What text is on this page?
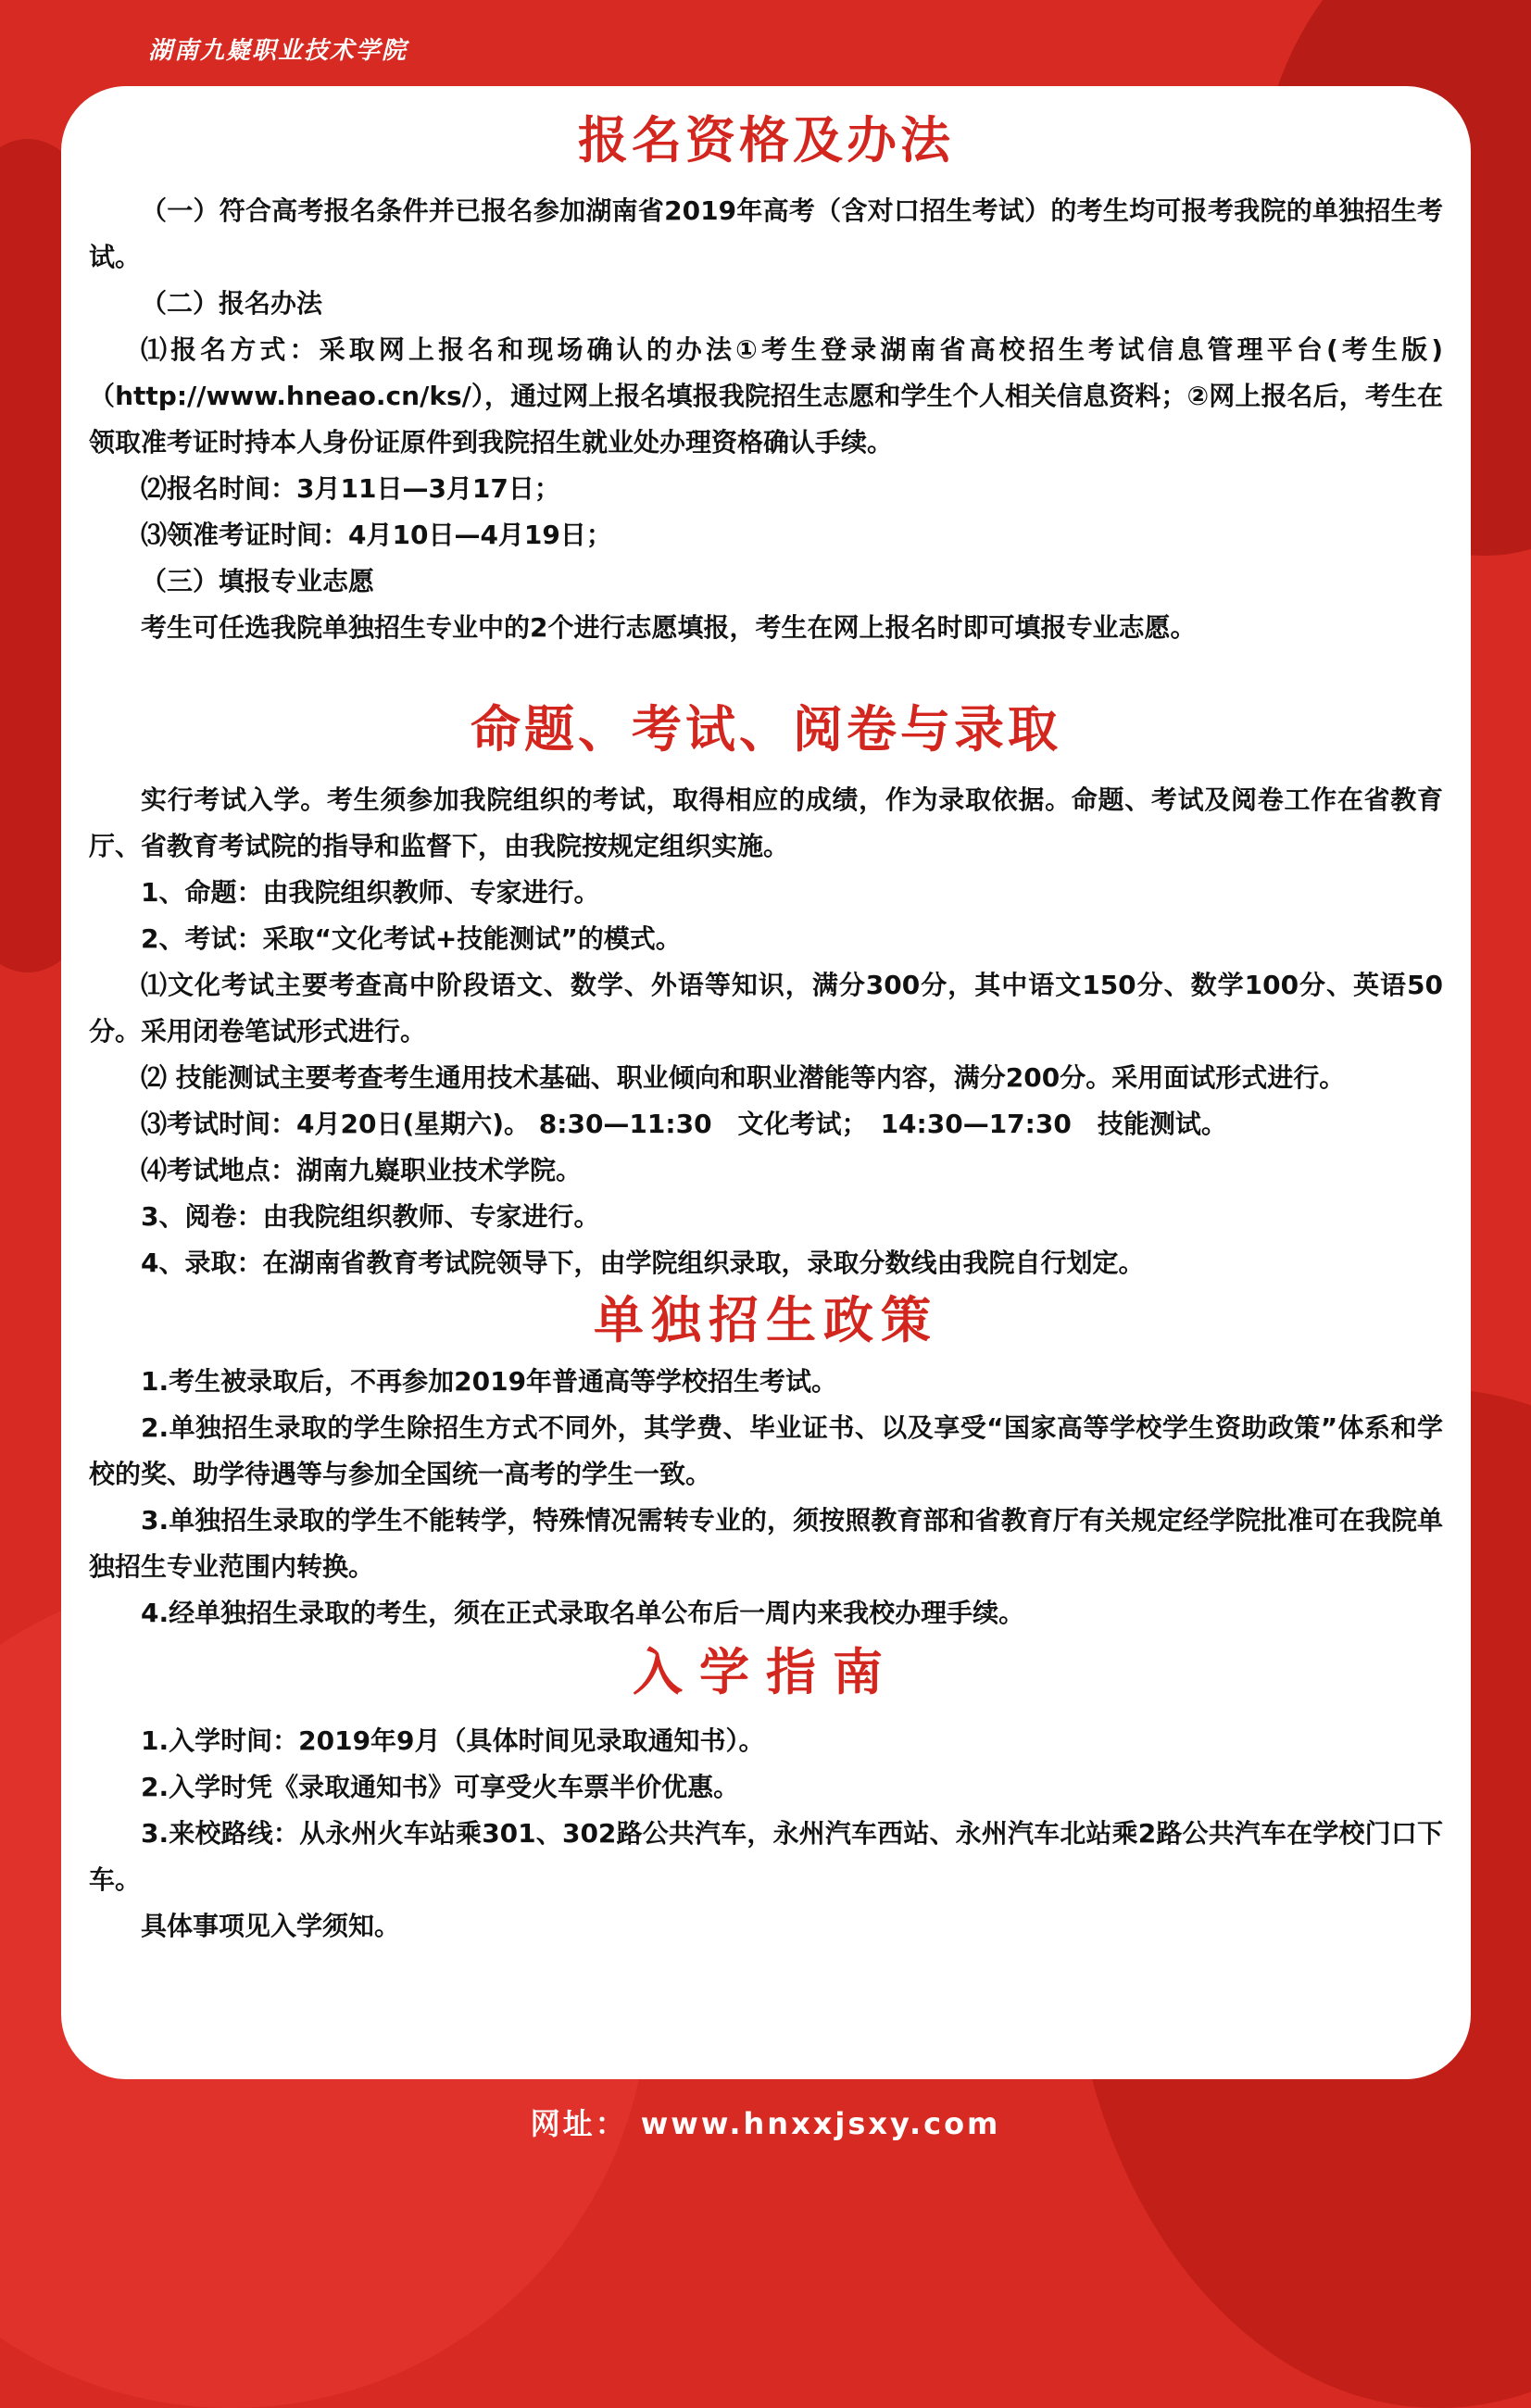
湖南九嶷职业技术学院
报名资格及办法

（一）符合高考报名条件并已报名参加湖南省2019年高考（含对口招生考试）的考生均可报考我院的单独招生考试。

（二）报名办法

⑴报名方式：采取网上报名和现场确认的办法①考生登录湖南省高校招生考试信息管理平台(考生版)（http://www.hneao.cn/ks/），通过网上报名填报我院招生志愿和学生个人相关信息资料；②网上报名后，考生在领取准考证时持本人身份证原件到我院招生就业处办理资格确认手续。

⑵报名时间：3月11日—3月17日；

⑶领准考证时间：4月10日—4月19日；

（三）填报专业志愿

考生可任选我院单独招生专业中的2个进行志愿填报，考生在网上报名时即可填报专业志愿。

命题、考试、阅卷与录取

实行考试入学。考生须参加我院组织的考试，取得相应的成绩，作为录取依据。命题、考试及阅卷工作在省教育厅、省教育考试院的指导和监督下，由我院按规定组织实施。

1、命题：由我院组织教师、专家进行。

2、考试：采取“文化考试+技能测试”的模式。

⑴文化考试主要考查高中阶段语文、数学、外语等知识，满分300分，其中语文150分、数学100分、英语50分。采用闭卷笔试形式进行。

⑵ 技能测试主要考查考生通用技术基础、职业倾向和职业潜能等内容，满分200分。采用面试形式进行。

⑶考试时间：4月20日(星期六)。 8:30—11:30　文化考试；　14:30—17:30　技能测试。

⑷考试地点：湖南九嶷职业技术学院。

3、阅卷：由我院组织教师、专家进行。

4、录取：在湖南省教育考试院领导下，由学院组织录取，录取分数线由我院自行划定。

单独招生政策

1.考生被录取后，不再参加2019年普通高等学校招生考试。

2.单独招生录取的学生除招生方式不同外，其学费、毕业证书、以及享受“国家高等学校学生资助政策”体系和学校的奖、助学待遇等与参加全国统一高考的学生一致。

3.单独招生录取的学生不能转学，特殊情况需转专业的，须按照教育部和省教育厅有关规定经学院批准可在我院单独招生专业范围内转换。

4.经单独招生录取的考生，须在正式录取名单公布后一周内来我校办理手续。

入学指南

1.入学时间：2019年9月（具体时间见录取通知书）。

2.入学时凭《录取通知书》可享受火车票半价优惠。

3.来校路线：从永州火车站乘301、302路公共汽车，永州汽车西站、永州汽车北站乘2路公共汽车在学校门口下车。

具体事项见入学须知。

网址： www.hnxxjsxy.com
